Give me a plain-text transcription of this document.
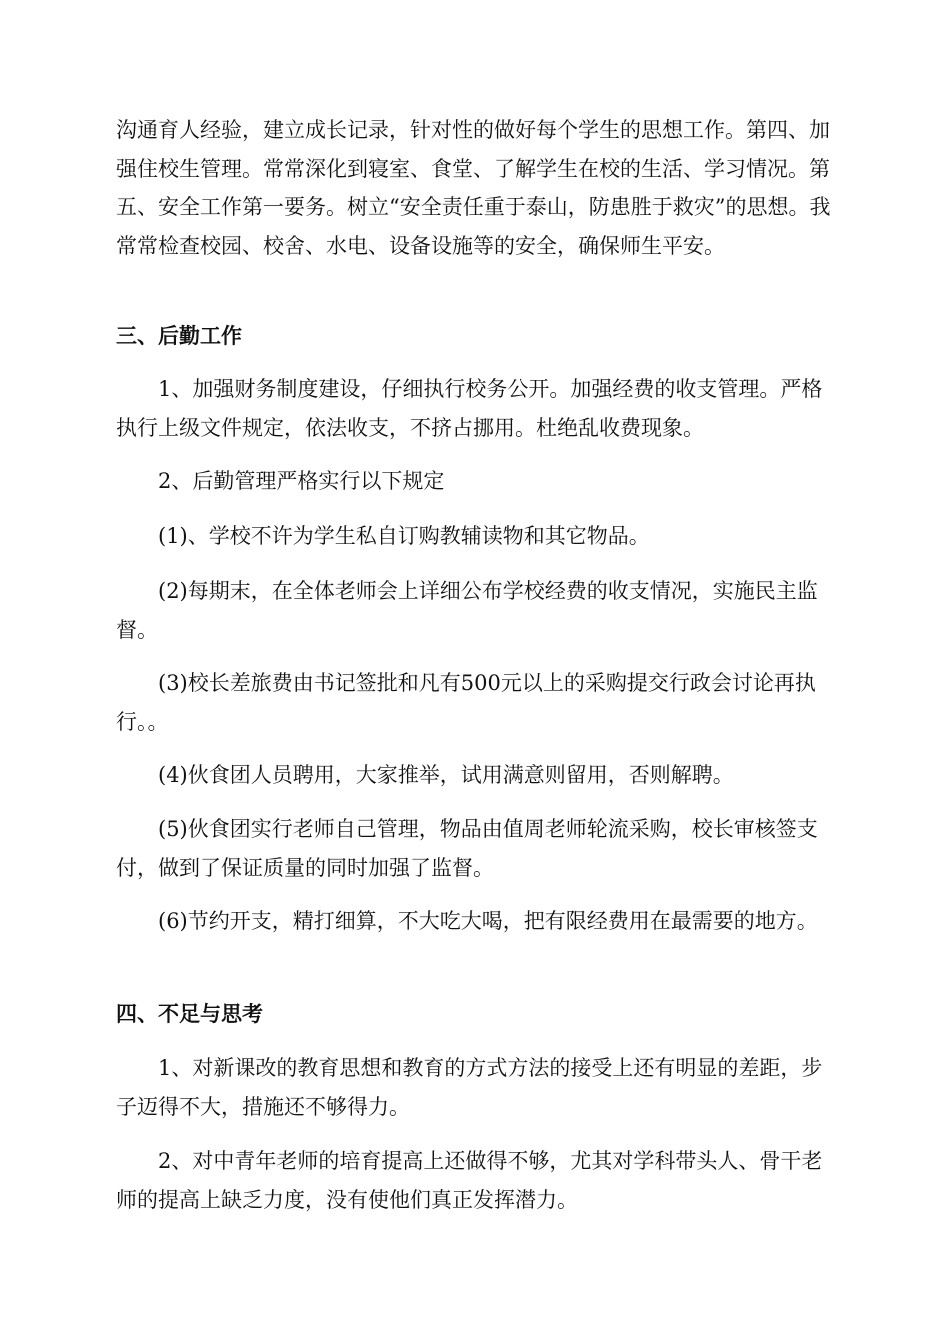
沟通育人经验，建立成长记录，针对性的做好每个学生的思想工作。第四、加强住校生管理。常常深化到寝室、食堂、了解学生在校的生活、学习情况。第五、安全工作第一要务。树立“安全责任重于泰山，防患胜于救灾”的思想。我常常检查校园、校舍、水电、设备设施等的安全，确保师生平安。

三、后勤工作

1、加强财务制度建设，仔细执行校务公开。加强经费的收支管理。严格执行上级文件规定，依法收支，不挤占挪用。杜绝乱收费现象。

2、后勤管理严格实行以下规定

(1)、学校不许为学生私自订购教辅读物和其它物品。

(2)每期末，在全体老师会上详细公布学校经费的收支情况，实施民主监督。

(3)校长差旅费由书记签批和凡有500元以上的采购提交行政会讨论再执行。。

(4)伙食团人员聘用，大家推举，试用满意则留用，否则解聘。

(5)伙食团实行老师自己管理，物品由值周老师轮流采购，校长审核签支付，做到了保证质量的同时加强了监督。

(6)节约开支，精打细算，不大吃大喝，把有限经费用在最需要的地方。

四、不足与思考

1、对新课改的教育思想和教育的方式方法的接受上还有明显的差距，步子迈得不大，措施还不够得力。

2、对中青年老师的培育提高上还做得不够，尤其对学科带头人、骨干老师的提高上缺乏力度，没有使他们真正发挥潜力。
